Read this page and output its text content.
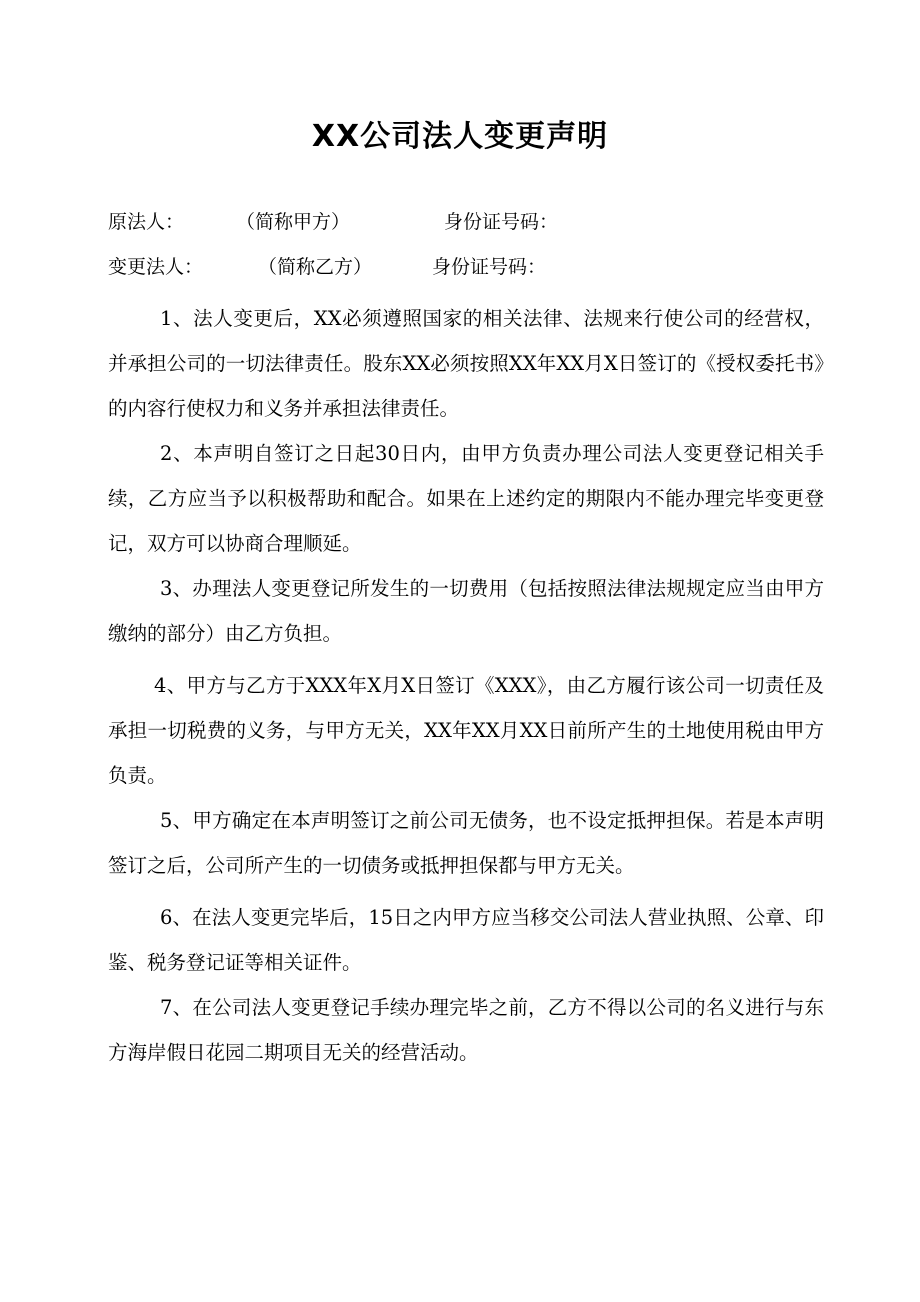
XX公司法人变更声明
原法人：	（简称甲方）	身份证号码：
变更法人：	（简称乙方）	身份证号码：

1、法人变更后，XX必须遵照国家的相关法律、法规来行使公司的经营权，并承担公司的一切法律责任。股东XX必须按照XX年XX月X日签订的《授权委托书》的内容行使权力和义务并承担法律责任。

2、本声明自签订之日起30日内，由甲方负责办理公司法人变更登记相关手续，乙方应当予以积极帮助和配合。如果在上述约定的期限内不能办理完毕变更登记，双方可以协商合理顺延。

3、办理法人变更登记所发生的一切费用（包括按照法律法规规定应当由甲方缴纳的部分）由乙方负担。

4、甲方与乙方于XXX年X月X日签订《XXX》，由乙方履行该公司一切责任及承担一切税费的义务，与甲方无关，XX年XX月XX日前所产生的土地使用税由甲方负责。

5、甲方确定在本声明签订之前公司无债务，也不设定抵押担保。若是本声明签订之后，公司所产生的一切债务或抵押担保都与甲方无关。

6、在法人变更完毕后，15日之内甲方应当移交公司法人营业执照、公章、印鉴、税务登记证等相关证件。

7、在公司法人变更登记手续办理完毕之前，乙方不得以公司的名义进行与东方海岸假日花园二期项目无关的经营活动。
